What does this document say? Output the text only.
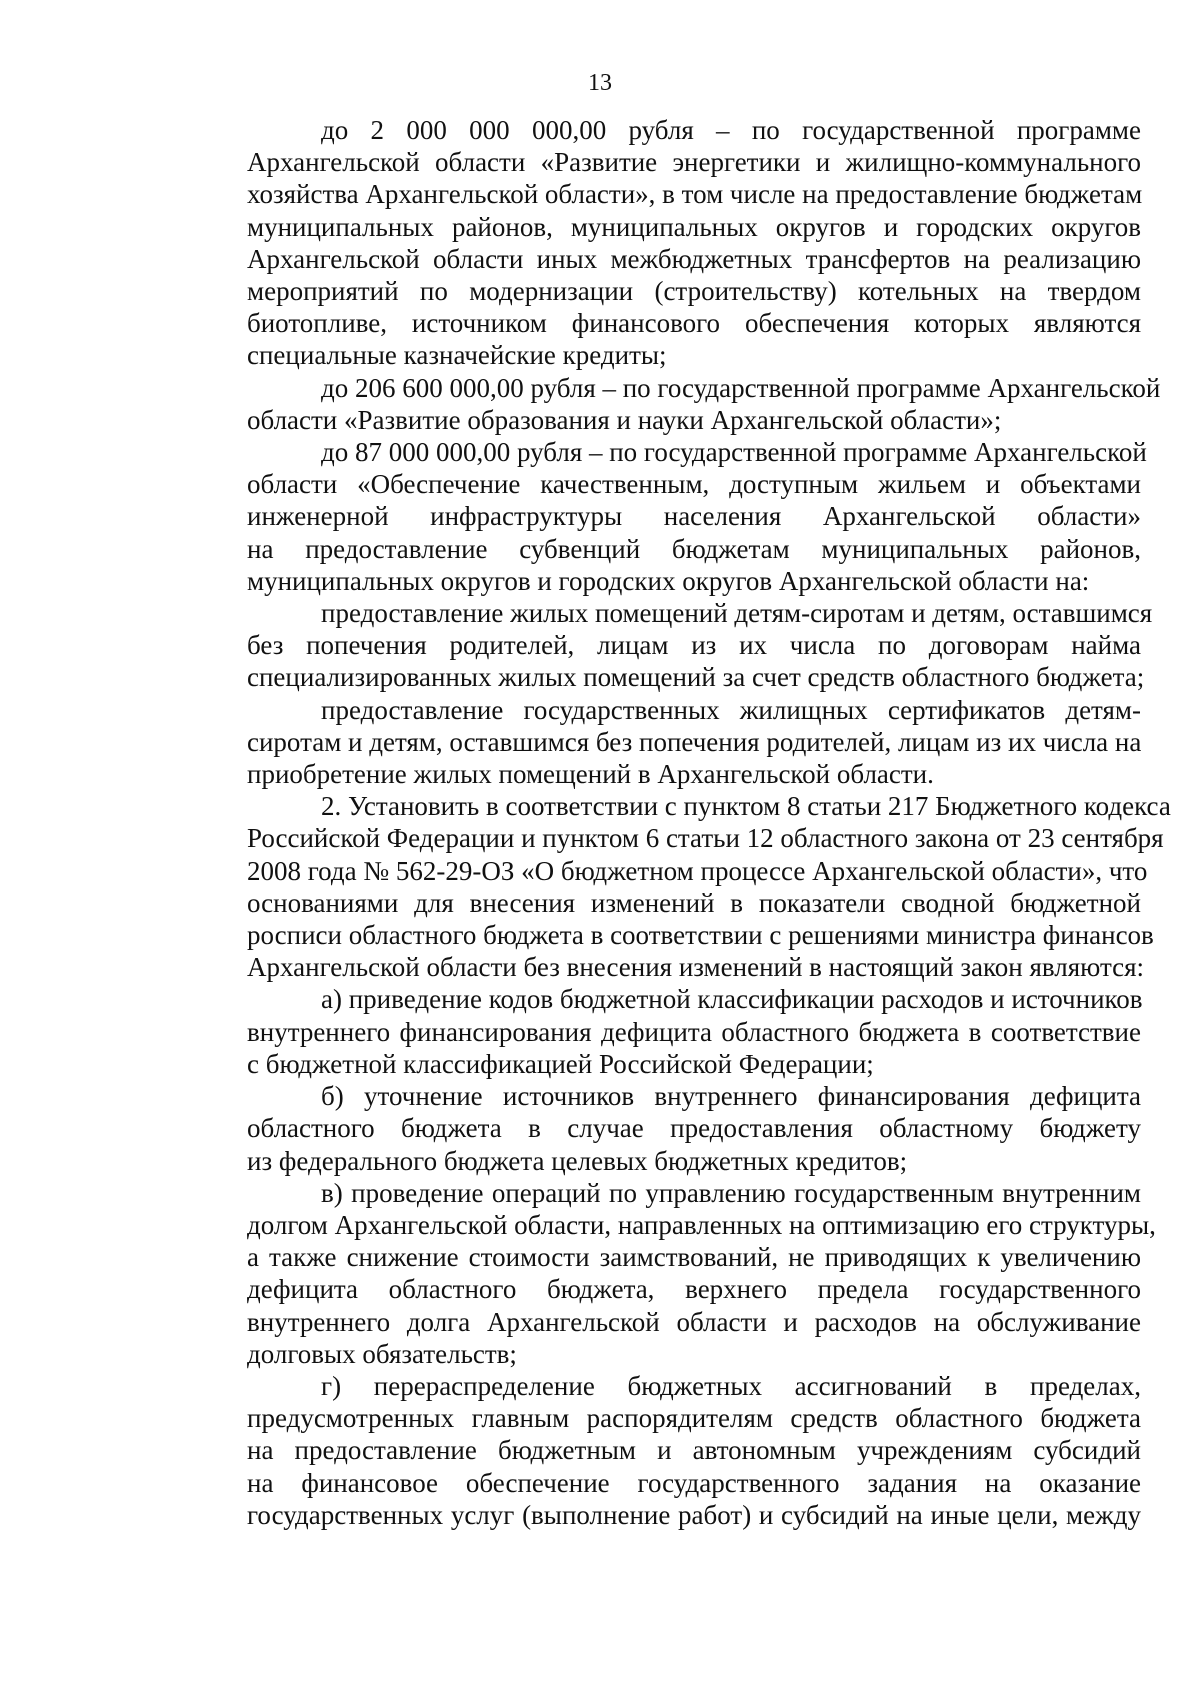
13
до 2 000 000 000,00 рубля – по государственной программе
Архангельской области «Развитие энергетики и жилищно-коммунального
хозяйства Архангельской области», в том числе на предоставление бюджетам
муниципальных районов, муниципальных округов и городских округов
Архангельской области иных межбюджетных трансфертов на реализацию
мероприятий по модернизации (строительству) котельных на твердом
биотопливе, источником финансового обеспечения которых являются
специальные казначейские кредиты;
до 206 600 000,00 рубля – по государственной программе Архангельской
области «Развитие образования и науки Архангельской области»;
до 87 000 000,00 рубля – по государственной программе Архангельской
области «Обеспечение качественным, доступным жильем и объектами
инженерной инфраструктуры населения Архангельской области»
на предоставление субвенций бюджетам муниципальных районов,
муниципальных округов и городских округов Архангельской области на:
предоставление жилых помещений детям-сиротам и детям, оставшимся
без попечения родителей, лицам из их числа по договорам найма
специализированных жилых помещений за счет средств областного бюджета;
предоставление государственных жилищных сертификатов детям-
сиротам и детям, оставшимся без попечения родителей, лицам из их числа на
приобретение жилых помещений в Архангельской области.
2. Установить в соответствии с пунктом 8 статьи 217 Бюджетного кодекса
Российской Федерации и пунктом 6 статьи 12 областного закона от 23 сентября
2008 года № 562-29-ОЗ «О бюджетном процессе Архангельской области», что
основаниями для внесения изменений в показатели сводной бюджетной
росписи областного бюджета в соответствии с решениями министра финансов
Архангельской области без внесения изменений в настоящий закон являются:
а) приведение кодов бюджетной классификации расходов и источников
внутреннего финансирования дефицита областного бюджета в соответствие
с бюджетной классификацией Российской Федерации;
б) уточнение источников внутреннего финансирования дефицита
областного бюджета в случае предоставления областному бюджету
из федерального бюджета целевых бюджетных кредитов;
в) проведение операций по управлению государственным внутренним
долгом Архангельской области, направленных на оптимизацию его структуры,
а также снижение стоимости заимствований, не приводящих к увеличению
дефицита областного бюджета, верхнего предела государственного
внутреннего долга Архангельской области и расходов на обслуживание
долговых обязательств;
г) перераспределение бюджетных ассигнований в пределах,
предусмотренных главным распорядителям средств областного бюджета
на предоставление бюджетным и автономным учреждениям субсидий
на финансовое обеспечение государственного задания на оказание
государственных услуг (выполнение работ) и субсидий на иные цели, между
